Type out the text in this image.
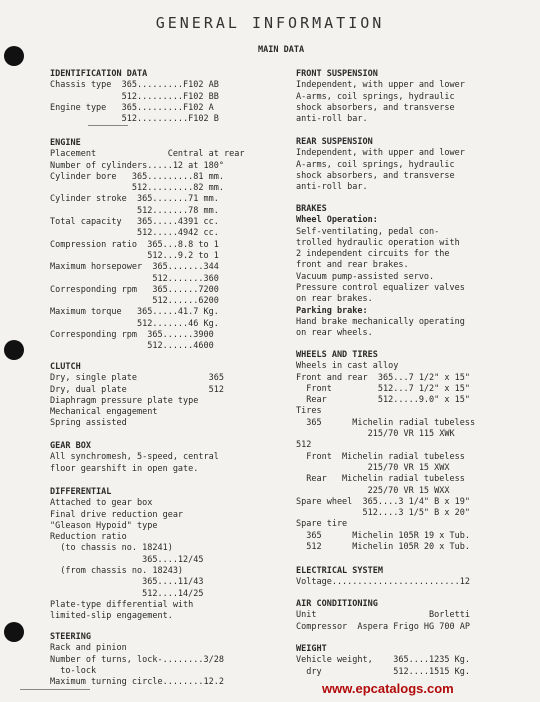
GENERAL INFORMATION
MAIN DATA
IDENTIFICATION DATA
Chassis type  365.........F102 AB
512.........F102 BB
Engine type   365.........F102 A
512..........F102 B
ENGINE
Placement              Central at rear
Number of cylinders.....12 at 180°
Cylinder bore   365.........81 mm.
512.........82 mm.
Cylinder stroke  365.......71 mm.
512.......78 mm.
Total capacity   365.....4391 cc.
512.....4942 cc.
Compression ratio  365...8.8 to 1
512...9.2 to 1
Maximum horsepower  365.......344
512.......360
Corresponding rpm   365......7200
512......6200
Maximum torque   365.....41.7 Kg.
512.......46 Kg.
Corresponding rpm  365......3900
512......4600
CLUTCH
Dry, single plate              365
Dry, dual plate                512
Diaphragm pressure plate type
Mechanical engagement
Spring assisted
GEAR BOX
All synchromesh, 5-speed, central
floor gearshift in open gate.
DIFFERENTIAL
Attached to gear box
Final drive reduction gear
"Gleason Hypoid" type
Reduction ratio
(to chassis no. 18241)
365....12/45
(from chassis no. 18243)
365....11/43
512....14/25
Plate-type differential with
limited-slip engagement.
STEERING
Rack and pinion
Number of turns, lock-........3/28
to-lock
Maximum turning circle........12.2
FRONT SUSPENSION
Independent, with upper and lower
A-arms, coil springs, hydraulic
shock absorbers, and transverse
anti-roll bar.
REAR SUSPENSION
Independent, with upper and lower
A-arms, coil springs, hydraulic
shock absorbers, and transverse
anti-roll bar.
BRAKES
Wheel Operation:
Self-ventilating, pedal con-
trolled hydraulic operation with
2 independent circuits for the
front and rear brakes.
Vacuum pump-assisted servo.
Pressure control equalizer valves
on rear brakes.
Parking brake:
Hand brake mechanically operating
on rear wheels.
WHEELS AND TIRES
Wheels in cast alloy
Front and rear  365...7 1/2" x 15"
Front         512...7 1/2" x 15"
Rear          512.....9.0" x 15"
Tires
365      Michelin radial tubeless
215/70 VR 115 XWK
512
Front  Michelin radial tubeless
215/70 VR 15 XWX
Rear   Michelin radial tubeless
225/70 VR 15 WXX
Spare wheel  365....3 1/4" B x 19"
512....3 1/5" B x 20"
Spare tire
365      Michelin 105R 19 x Tub.
512      Michelin 105R 20 x Tub.
ELECTRICAL SYSTEM
Voltage.........................12
AIR CONDITIONING
Unit                      Borletti
Compressor  Aspera Frigo HG 700 AP
WEIGHT
Vehicle weight,    365....1235 Kg.
dry              512....1515 Kg.
www.epcatalogs.com
